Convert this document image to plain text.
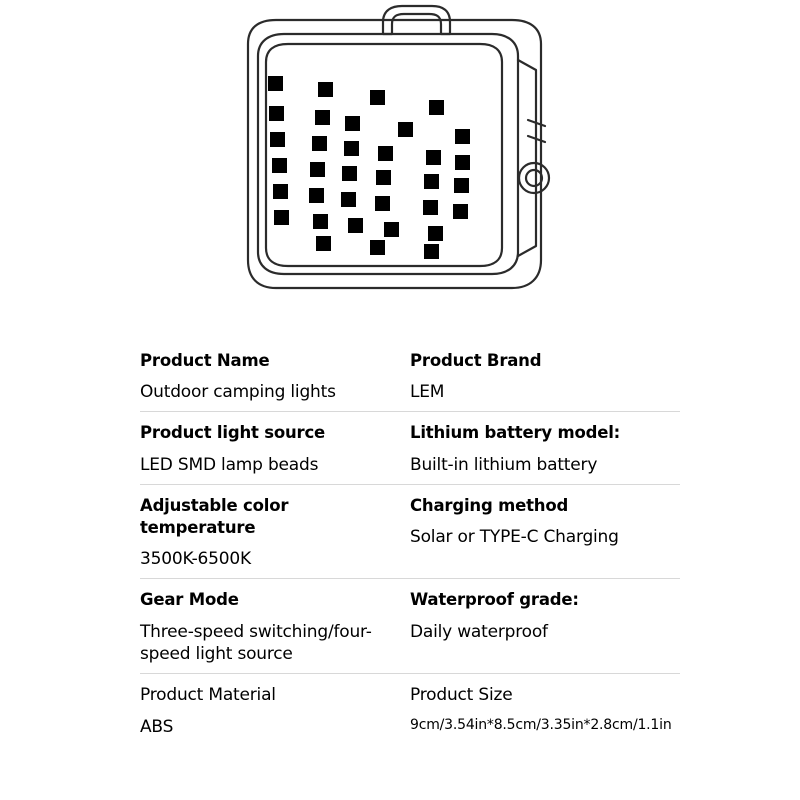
Product Name
Outdoor camping lights
Product Brand
LEM
Product light source
LED SMD lamp beads
Lithium battery model:
Built-in lithium battery
Adjustable color temperature
3500K-6500K
Charging method
Solar or TYPE-C Charging
Gear Mode
Three-speed switching/four-speed light source
Waterproof grade:
Daily waterproof
Product Material
ABS
Product Size
9cm/3.54in*8.5cm/3.35in*2.8cm/1.1in
